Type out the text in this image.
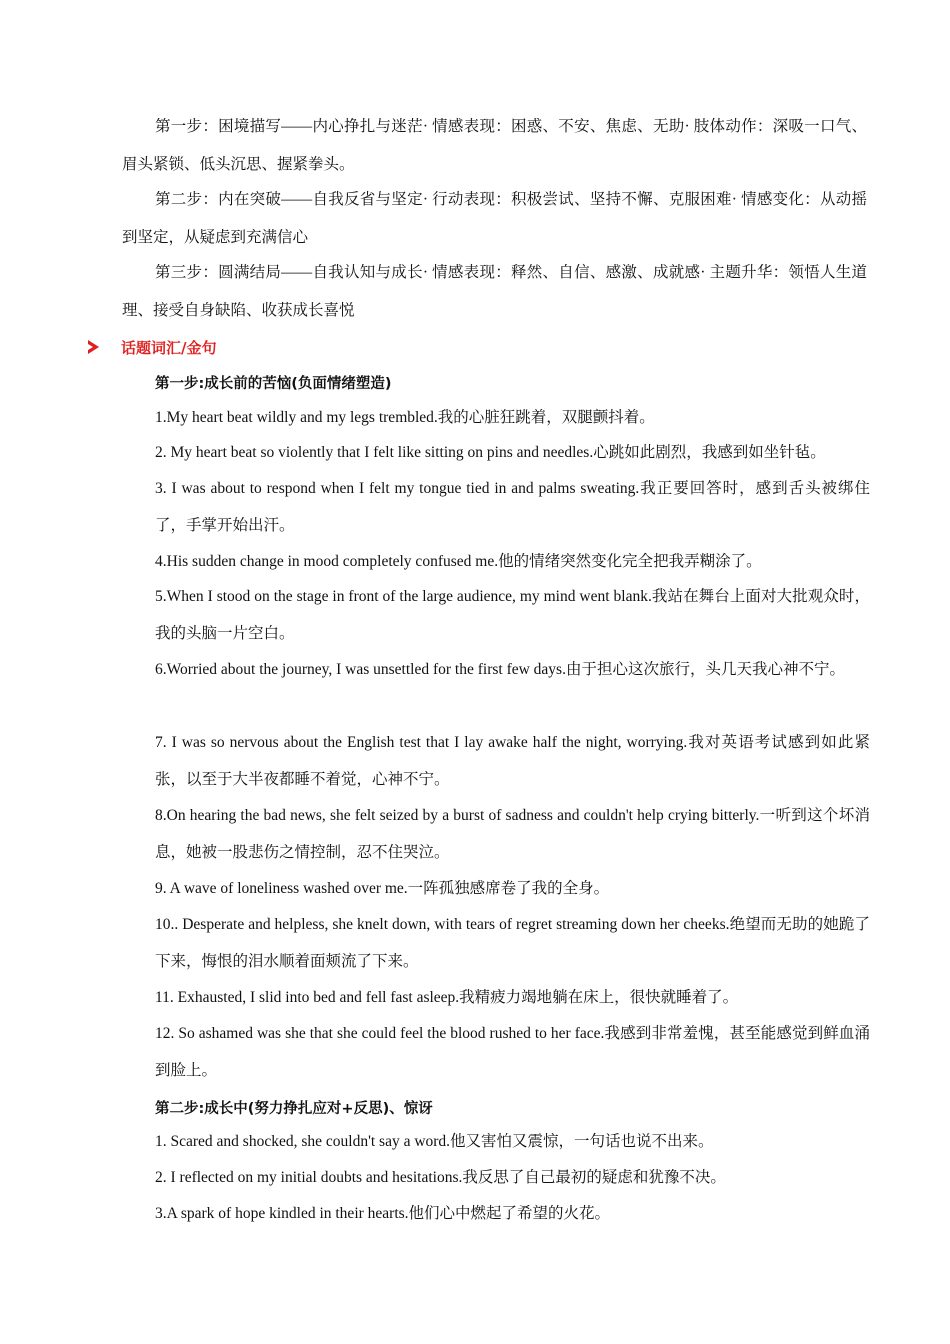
第一步：困境描写——内心挣扎与迷茫· 情感表现：困惑、不安、焦虑、无助· 肢体动作：深吸一口气、眉头紧锁、低头沉思、握紧拳头。

第二步：内在突破——自我反省与坚定· 行动表现：积极尝试、坚持不懈、克服困难· 情感变化：从动摇到坚定，从疑虑到充满信心

第三步：圆满结局——自我认知与成长· 情感表现：释然、自信、感激、成就感· 主题升华：领悟人生道理、接受自身缺陷、收获成长喜悦

话题词汇/金句
第一步:成长前的苦恼(负面情绪塑造)

1.My heart beat wildly and my legs trembled.我的心脏狂跳着，双腿颤抖着。

2. My heart beat so violently that I felt like sitting on pins and needles.心跳如此剧烈，我感到如坐针毡。

3. I was about to respond when I felt my tongue tied in and palms sweating.我正要回答时，感到舌头被绑住了，手掌开始出汗。

4.His sudden change in mood completely confused me.他的情绪突然变化完全把我弄糊涂了。

5.When I stood on the stage in front of the large audience, my mind went blank.我站在舞台上面对大批观众时，我的头脑一片空白。

6.Worried about the journey, I was unsettled for the first few days.由于担心这次旅行，头几天我心神不宁。

7. I was so nervous about the English test that I lay awake half the night, worrying.我对英语考试感到如此紧张，以至于大半夜都睡不着觉，心神不宁。

8.On hearing the bad news, she felt seized by a burst of sadness and couldn't help crying bitterly.一听到这个坏消息，她被一股悲伤之情控制，忍不住哭泣。

9. A wave of loneliness washed over me.一阵孤独感席卷了我的全身。

10.. Desperate and helpless, she knelt down, with tears of regret streaming down her cheeks.绝望而无助的她跪了下来，悔恨的泪水顺着面颊流了下来。

11. Exhausted, I slid into bed and fell fast asleep.我精疲力竭地躺在床上，很快就睡着了。

12. So ashamed was she that she could feel the blood rushed to her face.我感到非常羞愧，甚至能感觉到鲜血涌到脸上。

第二步:成长中(努力挣扎应对+反思)、惊讶

1. Scared and shocked, she couldn't say a word.他又害怕又震惊，一句话也说不出来。

2. I reflected on my initial doubts and hesitations.我反思了自己最初的疑虑和犹豫不决。

3.A spark of hope kindled in their hearts.他们心中燃起了希望的火花。
